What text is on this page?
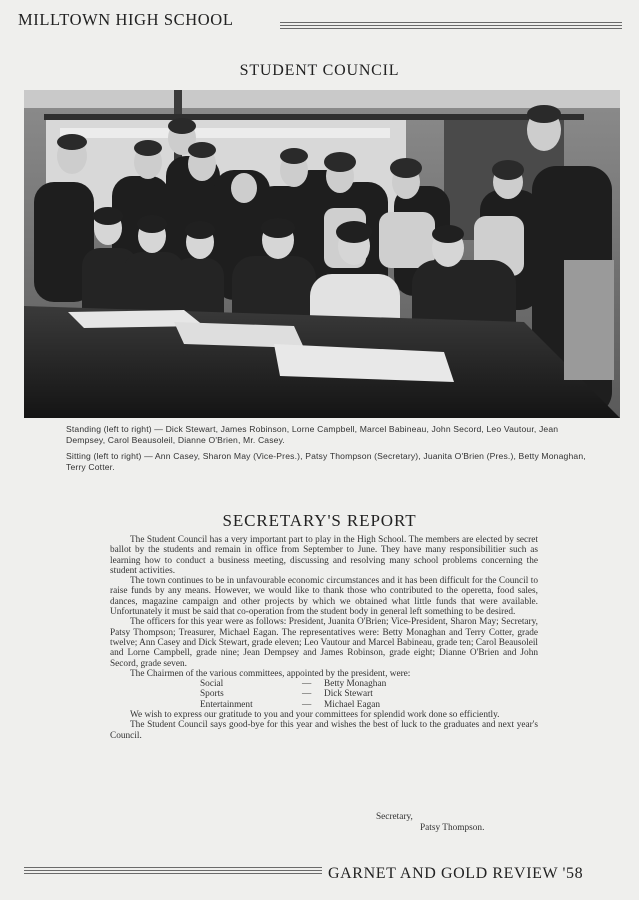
MILLTOWN HIGH SCHOOL
STUDENT COUNCIL
Standing (left to right) — Dick Stewart, James Robinson, Lorne Campbell, Marcel Babineau, John Secord, Leo Vautour, Jean Dempsey, Carol Beausoleil, Dianne O'Brien, Mr. Casey.
Sitting (left to right) — Ann Casey, Sharon May (Vice-Pres.), Patsy Thompson (Secretary), Juanita O'Brien (Pres.), Betty Monaghan, Terry Cotter.
SECRETARY'S REPORT

The Student Council has a very important part to play in the High School. The members are elected by secret ballot by the students and remain in office from September to June. They have many responsibilitier such as learning how to conduct a business meeting, discussing and resolving many school problems concerning the student activities.

The town continues to be in unfavourable economic circumstances and it has been difficult for the Council to raise funds by any means. However, we would like to thank those who contributed to the operetta, food sales, dances, magazine campaign and other projects by which we obtained what little funds that were available. Unfortunately it must be said that co-operation from the student body in general left something to be desired.

The officers for this year were as follows: President, Juanita O'Brien; Vice-President, Sharon May; Secretary, Patsy Thompson; Treasurer, Michael Eagan. The representatives were: Betty Monaghan and Terry Cotter, grade twelve; Ann Casey and Dick Stewart, grade eleven; Leo Vautour and Marcel Babineau, grade ten; Carol Beausoleil and Lorne Campbell, grade nine; Jean Dempsey and James Robinson, grade eight; Dianne O'Brien and John Secord, grade seven.

The Chairmen of the various committees, appointed by the president, were:

Social	—	Betty Monaghan
Sports	—	Dick Stewart
Entertainment	—	Michael Eagan

We wish to express our gratitude to you and your committees for splendid work done so efficiently.

The Student Council says good-bye for this year and wishes the best of luck to the graduates and next year's Council.

Secretary,
Patsy Thompson.
GARNET AND GOLD REVIEW '58
